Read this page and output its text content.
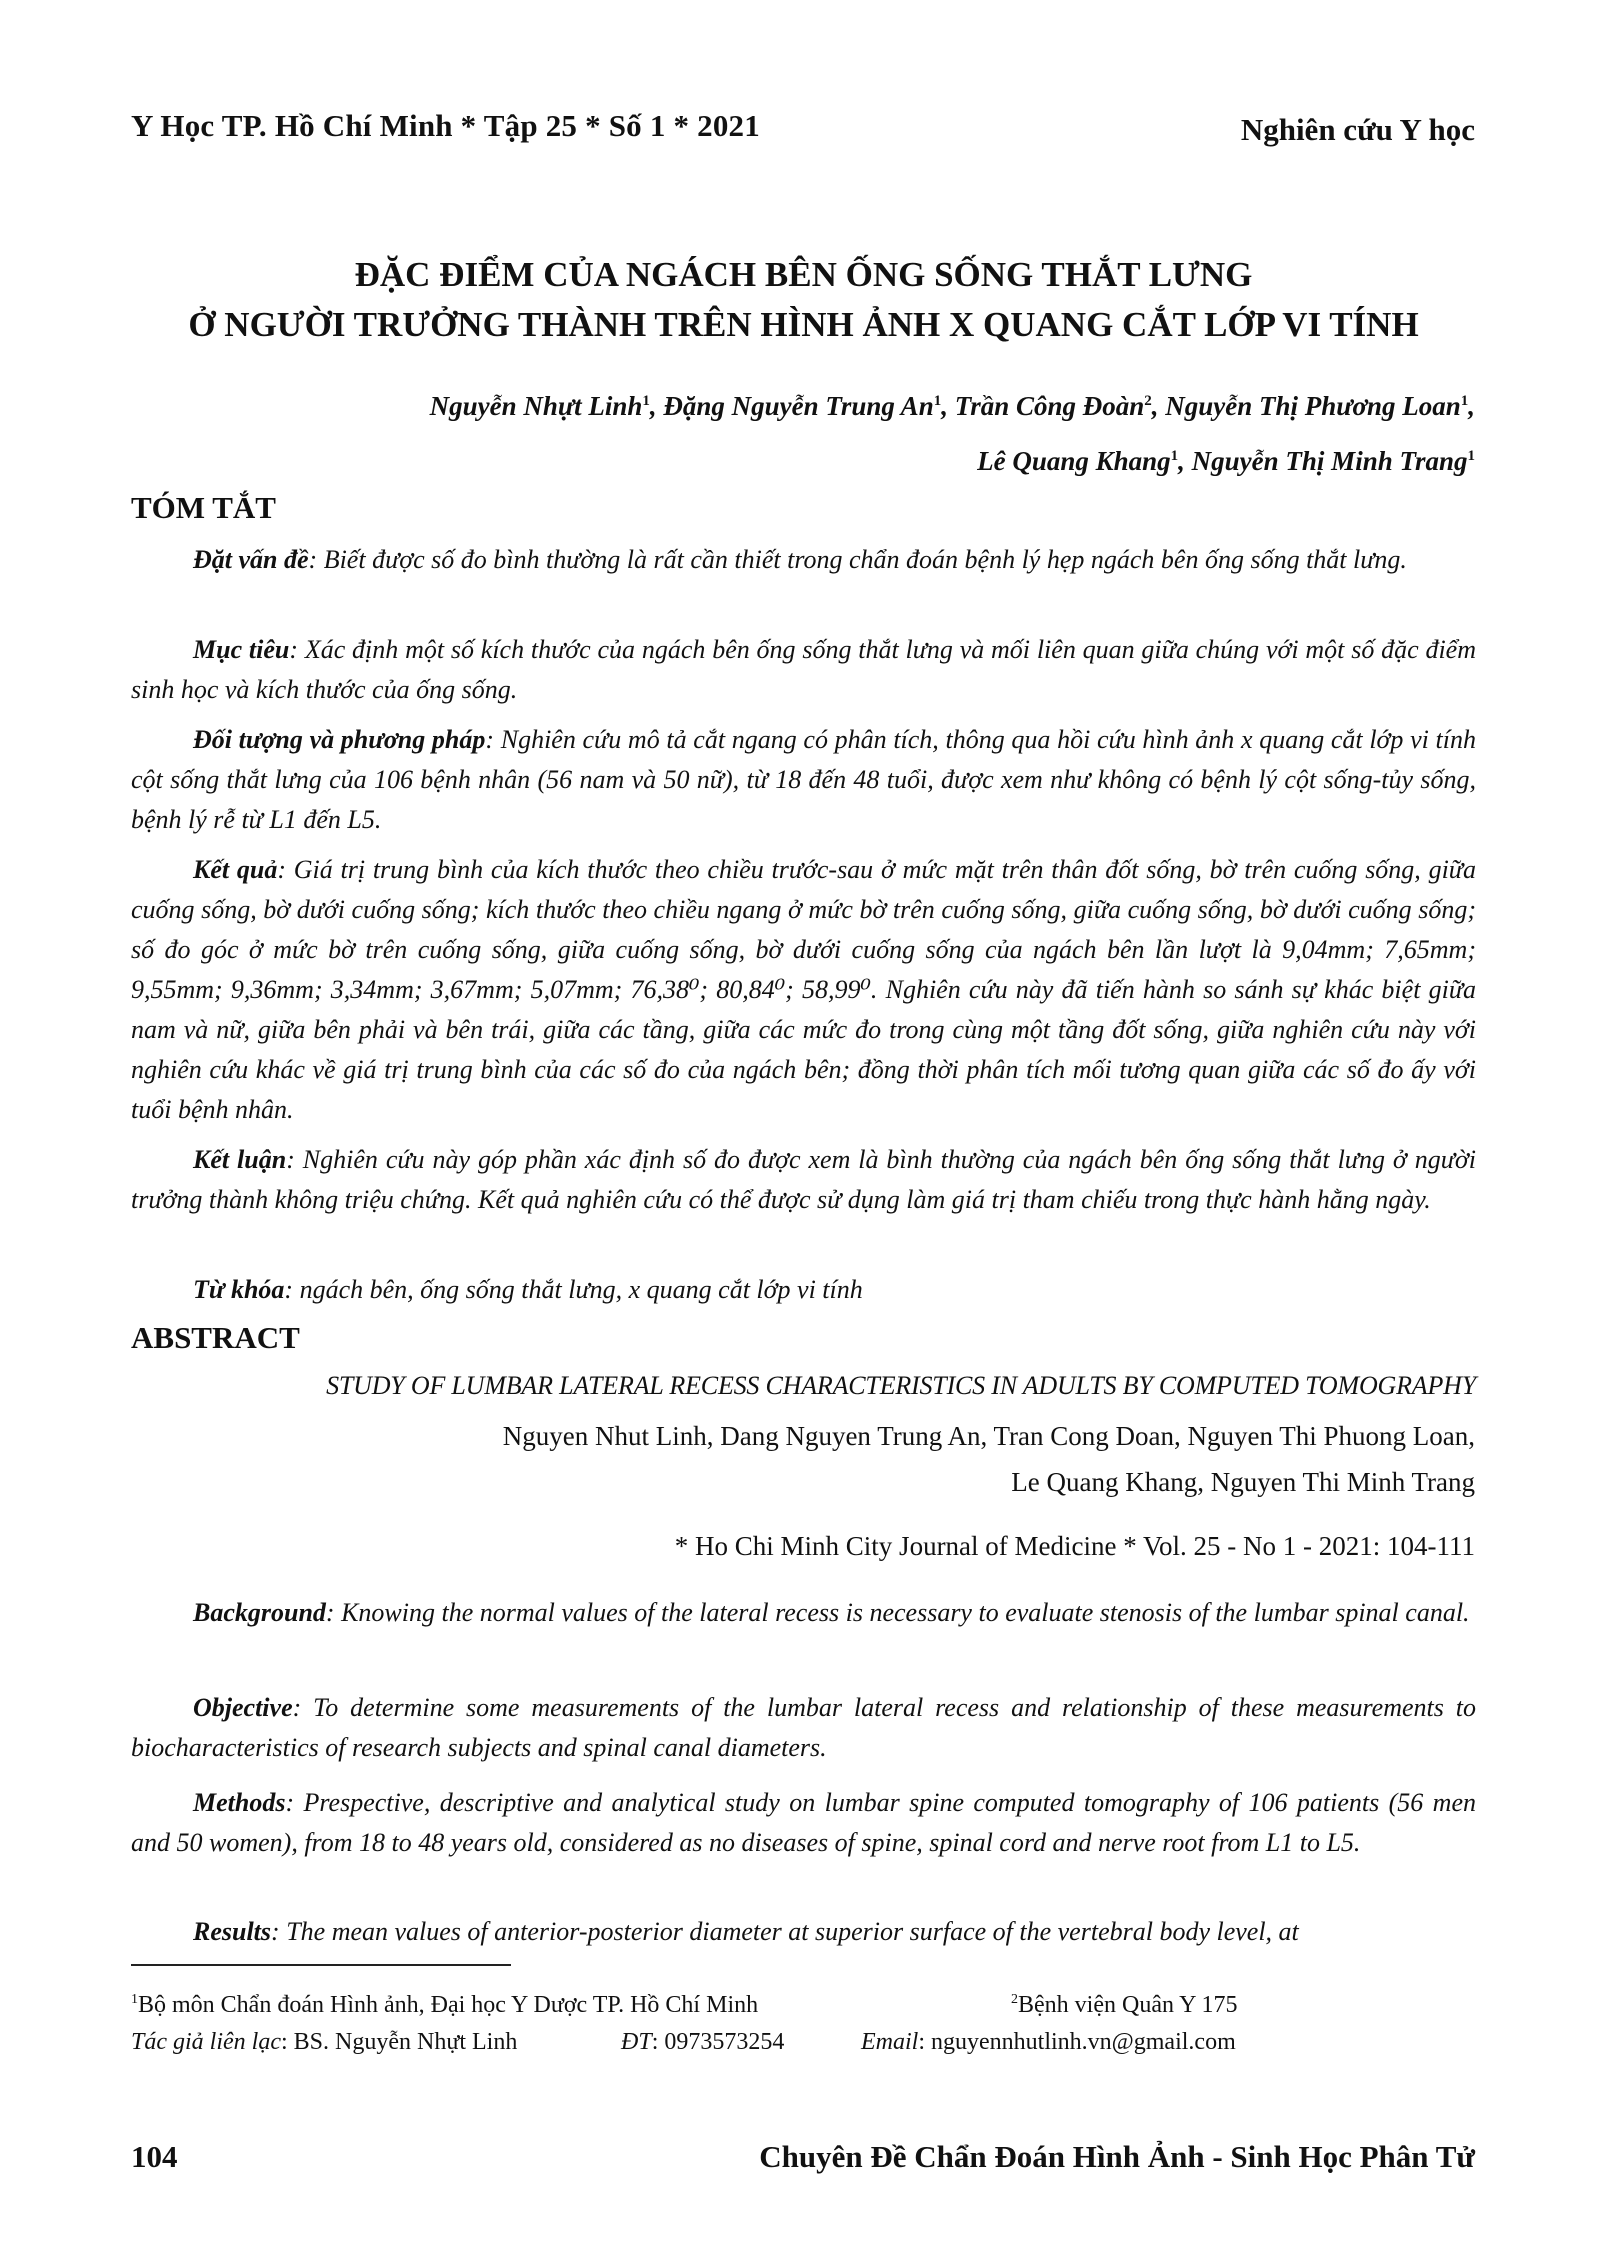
Y Học TP. Hồ Chí Minh * Tập 25 * Số 1 * 2021	Nghiên cứu Y học
ĐẶC ĐIỂM CỦA NGÁCH BÊN ỐNG SỐNG THẮT LƯNG
Ở NGƯỜI TRƯỞNG THÀNH TRÊN HÌNH ẢNH X QUANG CẮT LỚP VI TÍNH
Nguyễn Nhựt Linh$^1$, Đặng Nguyễn Trung An$^1$, Trần Công Đoàn$^2$, Nguyễn Thị Phương Loan$^1$,
Lê Quang Khang$^1$, Nguyễn Thị Minh Trang$^1$
TÓM TẮT
Đặt vấn đề: Biết được số đo bình thường là rất cần thiết trong chẩn đoán bệnh lý hẹp ngách bên ống sống thắt lưng.
Mục tiêu: Xác định một số kích thước của ngách bên ống sống thắt lưng và mối liên quan giữa chúng với một số đặc điểm sinh học và kích thước của ống sống.
Đối tượng và phương pháp: Nghiên cứu mô tả cắt ngang có phân tích, thông qua hồi cứu hình ảnh x quang cắt lớp vi tính cột sống thắt lưng của 106 bệnh nhân (56 nam và 50 nữ), từ 18 đến 48 tuổi, được xem như không có bệnh lý cột sống-tủy sống, bệnh lý rễ từ L1 đến L5.
Kết quả: Giá trị trung bình của kích thước theo chiều trước-sau ở mức mặt trên thân đốt sống, bờ trên cuống sống, giữa cuống sống, bờ dưới cuống sống; kích thước theo chiều ngang ở mức bờ trên cuống sống, giữa cuống sống, bờ dưới cuống sống; số đo góc ở mức bờ trên cuống sống, giữa cuống sống, bờ dưới cuống sống của ngách bên lần lượt là 9,04mm; 7,65mm; 9,55mm; 9,36mm; 3,34mm; 3,67mm; 5,07mm; 76,38⁰; 80,84⁰; 58,99⁰. Nghiên cứu này đã tiến hành so sánh sự khác biệt giữa nam và nữ, giữa bên phải và bên trái, giữa các tầng, giữa các mức đo trong cùng một tầng đốt sống, giữa nghiên cứu này với nghiên cứu khác về giá trị trung bình của các số đo của ngách bên; đồng thời phân tích mối tương quan giữa các số đo ấy với tuổi bệnh nhân.
Kết luận: Nghiên cứu này góp phần xác định số đo được xem là bình thường của ngách bên ống sống thắt lưng ở người trưởng thành không triệu chứng. Kết quả nghiên cứu có thể được sử dụng làm giá trị tham chiếu trong thực hành hằng ngày.
Từ khóa: ngách bên, ống sống thắt lưng, x quang cắt lớp vi tính
ABSTRACT
STUDY OF LUMBAR LATERAL RECESS CHARACTERISTICS IN ADULTS BY COMPUTED TOMOGRAPHY
Nguyen Nhut Linh, Dang Nguyen Trung An, Tran Cong Doan, Nguyen Thi Phuong Loan,
Le Quang Khang, Nguyen Thi Minh Trang
* Ho Chi Minh City Journal of Medicine * Vol. 25 - No 1 - 2021: 104-111
Background: Knowing the normal values of the lateral recess is necessary to evaluate stenosis of the lumbar spinal canal.
Objective: To determine some measurements of the lumbar lateral recess and relationship of these measurements to biocharacteristics of research subjects and spinal canal diameters.
Methods: Prespective, descriptive and analytical study on lumbar spine computed tomography of 106 patients (56 men and 50 women), from 18 to 48 years old, considered as no diseases of spine, spinal cord and nerve root from L1 to L5.
Results: The mean values of anterior-posterior diameter at superior surface of the vertebral body level, at
$^1$Bộ môn Chẩn đoán Hình ảnh, Đại học Y Dược TP. Hồ Chí Minh	$^2$Bệnh viện Quân Y 175
Tác giả liên lạc: BS. Nguyễn Nhựt Linh	ĐT: 0973573254	Email: nguyennhutlinh.vn@gmail.com
104	Chuyên Đề Chẩn Đoán Hình Ảnh - Sinh Học Phân Tử
